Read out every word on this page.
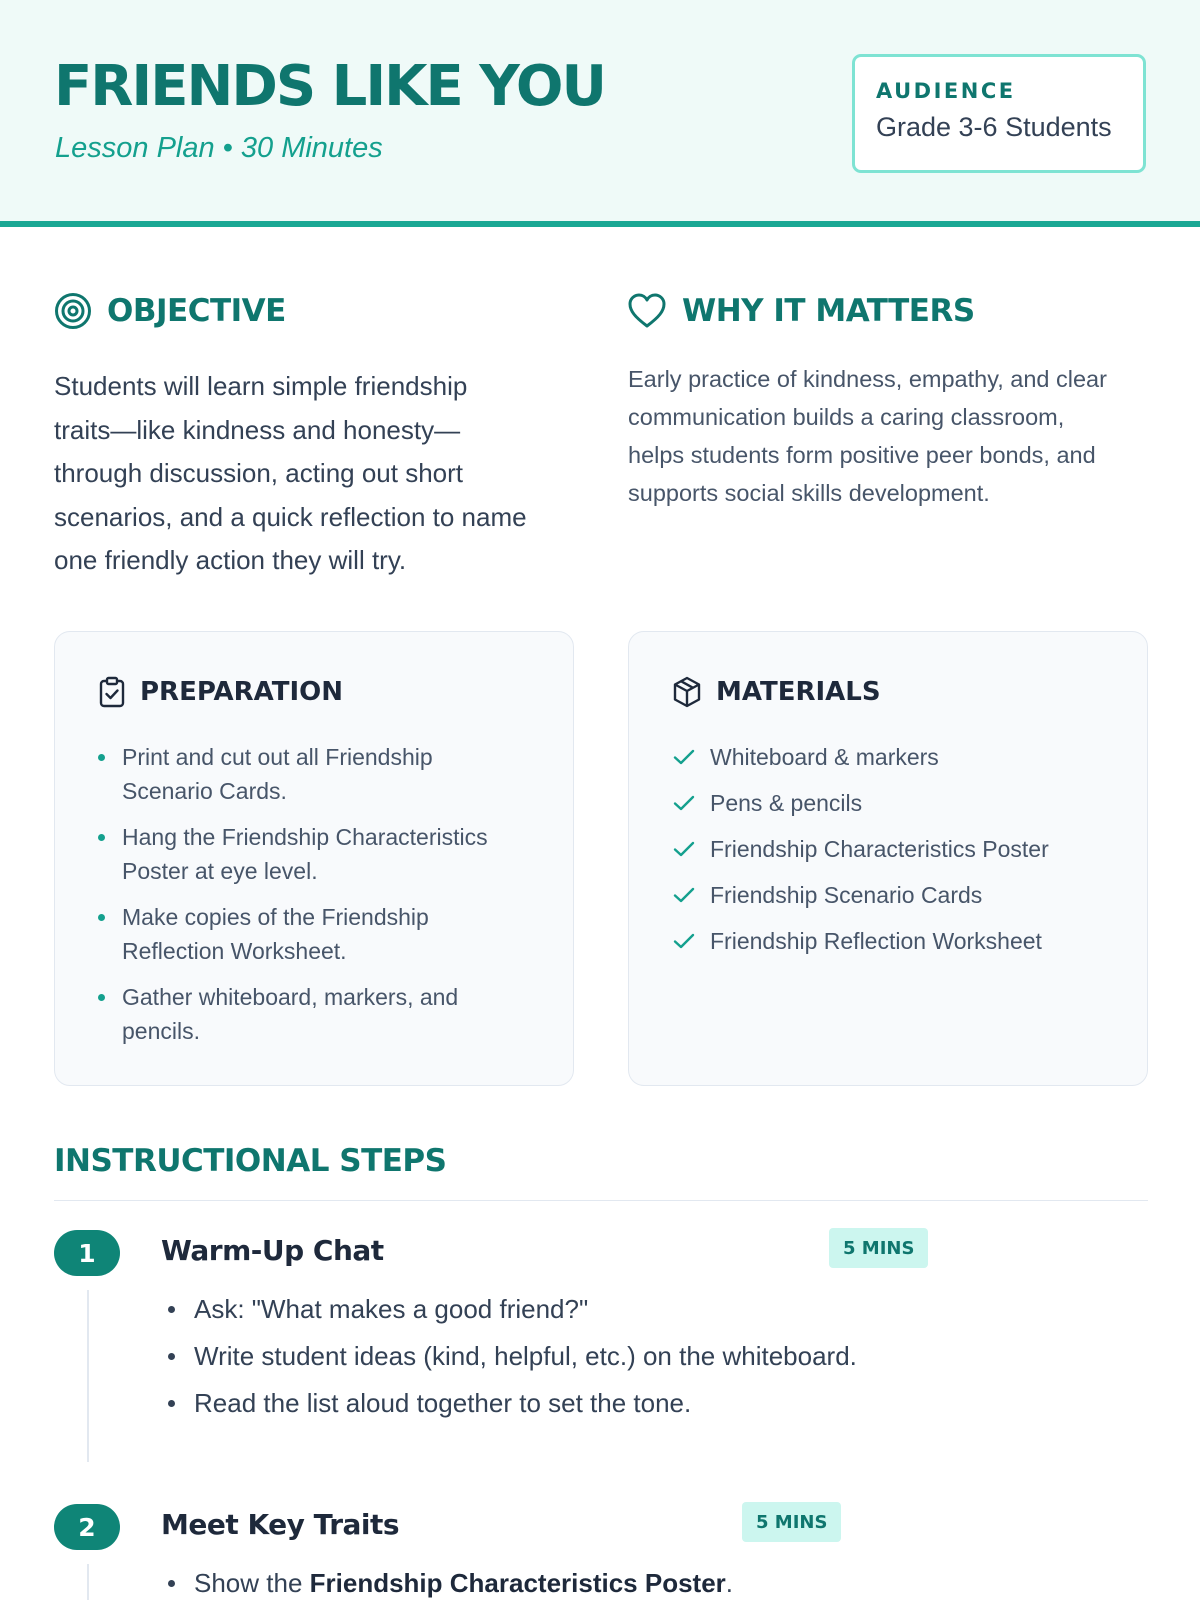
FRIENDS LIKE YOU
Lesson Plan • 30 Minutes
AUDIENCE
Grade 3-6 Students
OBJECTIVE
Students will learn simple friendship
traits—like kindness and honesty—
through discussion, acting out short
scenarios, and a quick reflection to name
one friendly action they will try.
WHY IT MATTERS
Early practice of kindness, empathy, and clear
communication builds a caring classroom,
helps students form positive peer bonds, and
supports social skills development.
PREPARATION
Print and cut out all Friendship
Scenario Cards.
Hang the Friendship Characteristics
Poster at eye level.
Make copies of the Friendship
Reflection Worksheet.
Gather whiteboard, markers, and
pencils.
MATERIALS
Whiteboard & markers
Pens & pencils
Friendship Characteristics Poster
Friendship Scenario Cards
Friendship Reflection Worksheet
INSTRUCTIONAL STEPS
1	Warm-Up Chat	5 MINS
Ask: "What makes a good friend?"
Write student ideas (kind, helpful, etc.) on the whiteboard.
Read the list aloud together to set the tone.
2	Meet Key Traits	5 MINS
Show the Friendship Characteristics Poster.
